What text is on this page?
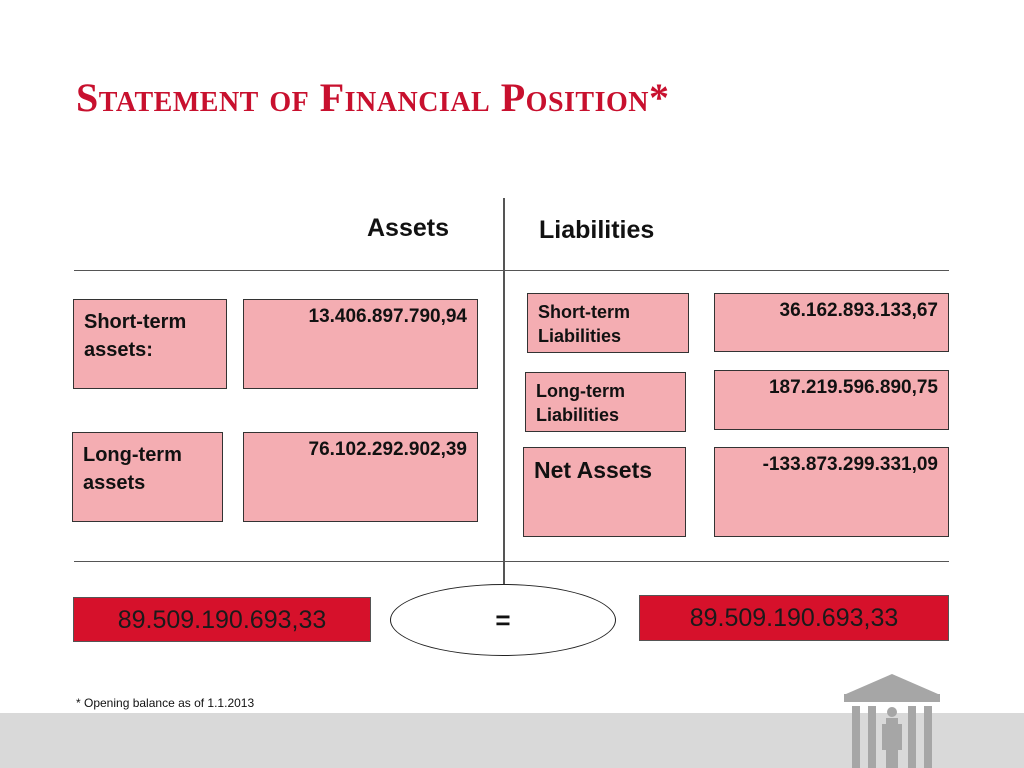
Statement of Financial Position*
Assets	Liabilities
Short-term
assets:
13.406.897.790,94
Long-term
assets
76.102.292.902,39
Short-term
Liabilities
36.162.893.133,67
Long-term
Liabilities
187.219.596.890,75
Net Assets	-133.873.299.331,09
89.509.190.693,33	=	89.509.190.693,33
* Opening balance as of 1.1.2013
